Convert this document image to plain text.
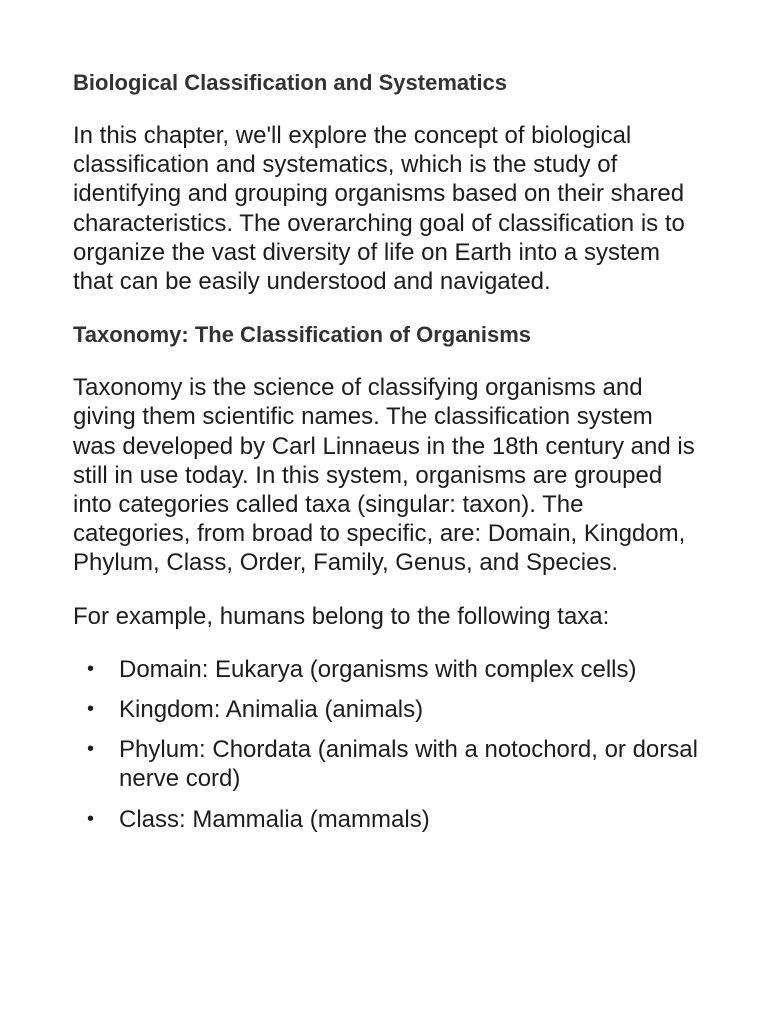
Biological Classification and Systematics

In this chapter, we'll explore the concept of biological classification and systematics, which is the study of identifying and grouping organisms based on their shared characteristics. The overarching goal of classification is to organize the vast diversity of life on Earth into a system that can be easily understood and navigated.

Taxonomy: The Classification of Organisms

Taxonomy is the science of classifying organisms and giving them scientific names. The classification system was developed by Carl Linnaeus in the 18th century and is still in use today. In this system, organisms are grouped into categories called taxa (singular: taxon). The categories, from broad to specific, are: Domain, Kingdom, Phylum, Class, Order, Family, Genus, and Species.

For example, humans belong to the following taxa:

• Domain: Eukarya (organisms with complex cells)
• Kingdom: Animalia (animals)
• Phylum: Chordata (animals with a notochord, or dorsal nerve cord)
• Class: Mammalia (mammals)
